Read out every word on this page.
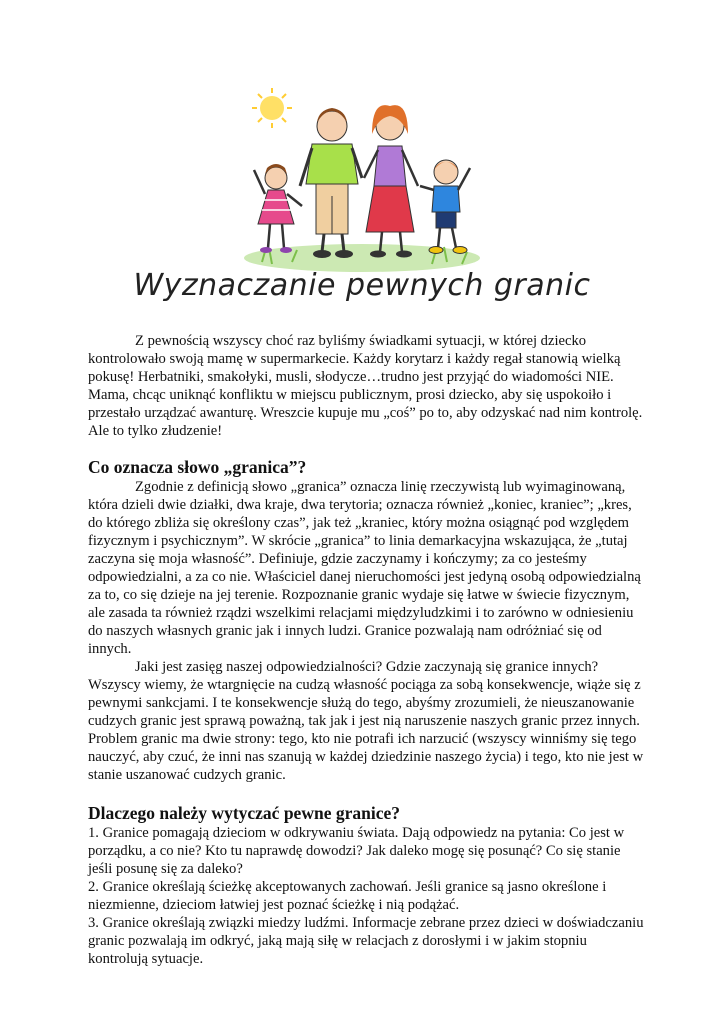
Wyznaczanie pewnych granic

Z pewnością wszyscy choć raz byliśmy świadkami sytuacji, w której dziecko kontrolowało swoją mamę w supermarkecie. Każdy korytarz i każdy regał stanowią wielką pokusę! Herbatniki, smakołyki, musli, słodycze…trudno jest przyjąć do wiadomości NIE. Mama, chcąc uniknąć konfliktu w miejscu publicznym, prosi dziecko, aby się uspokoiło i przestało urządzać awanturę. Wreszcie kupuje mu „coś” po to, aby odzyskać nad nim kontrolę. Ale to tylko złudzenie!

Co oznacza słowo „granica”?

Zgodnie z definicją słowo „granica” oznacza linię rzeczywistą lub wyimaginowaną, która dzieli dwie działki, dwa kraje, dwa terytoria; oznacza również „koniec, kraniec”; „kres, do którego zbliża się określony czas”, jak też „kraniec, który można osiągnąć pod względem fizycznym i psychicznym”. W skrócie „granica” to linia demarkacyjna wskazująca, że „tutaj zaczyna się moja własność”. Definiuje, gdzie zaczynamy i kończymy; za co jesteśmy odpowiedzialni, a za co nie. Właściciel danej nieruchomości jest jedyną osobą odpowiedzialną za to, co się dzieje na jej terenie. Rozpoznanie granic wydaje się łatwe w świecie fizycznym, ale zasada ta również rządzi wszelkimi relacjami międzyludzkimi i to zarówno w odniesieniu do naszych własnych granic jak i innych ludzi. Granice pozwalają nam odróżniać się od innych.

Jaki jest zasięg naszej odpowiedzialności? Gdzie zaczynają się granice innych? Wszyscy wiemy, że wtargnięcie na cudzą własność pociąga za sobą konsekwencje, wiąże się z pewnymi sankcjami. I te konsekwencje służą do tego, abyśmy zrozumieli, że nieuszanowanie cudzych granic jest sprawą poważną, tak jak i jest nią naruszenie naszych granic przez innych. Problem granic ma dwie strony: tego, kto nie potrafi ich narzucić (wszyscy winniśmy się tego nauczyć, aby czuć, że inni nas szanują w każdej dziedzinie naszego życia) i tego, kto nie jest w stanie uszanować cudzych granic.

Dlaczego należy wytyczać pewne granice?

1. Granice pomagają dzieciom w odkrywaniu świata. Dają odpowiedz na pytania: Co jest w porządku, a co nie? Kto tu naprawdę dowodzi? Jak daleko mogę się posunąć? Co się stanie jeśli posunę się za daleko?

2. Granice określają ścieżkę akceptowanych zachowań. Jeśli granice są jasno określone i niezmienne, dzieciom łatwiej jest poznać ścieżkę i nią podążać.

3. Granice określają związki miedzy ludźmi. Informacje zebrane przez dzieci w doświadczaniu granic pozwalają im odkryć, jaką mają siłę w relacjach z dorosłymi i w jakim stopniu kontrolują sytuacje.
